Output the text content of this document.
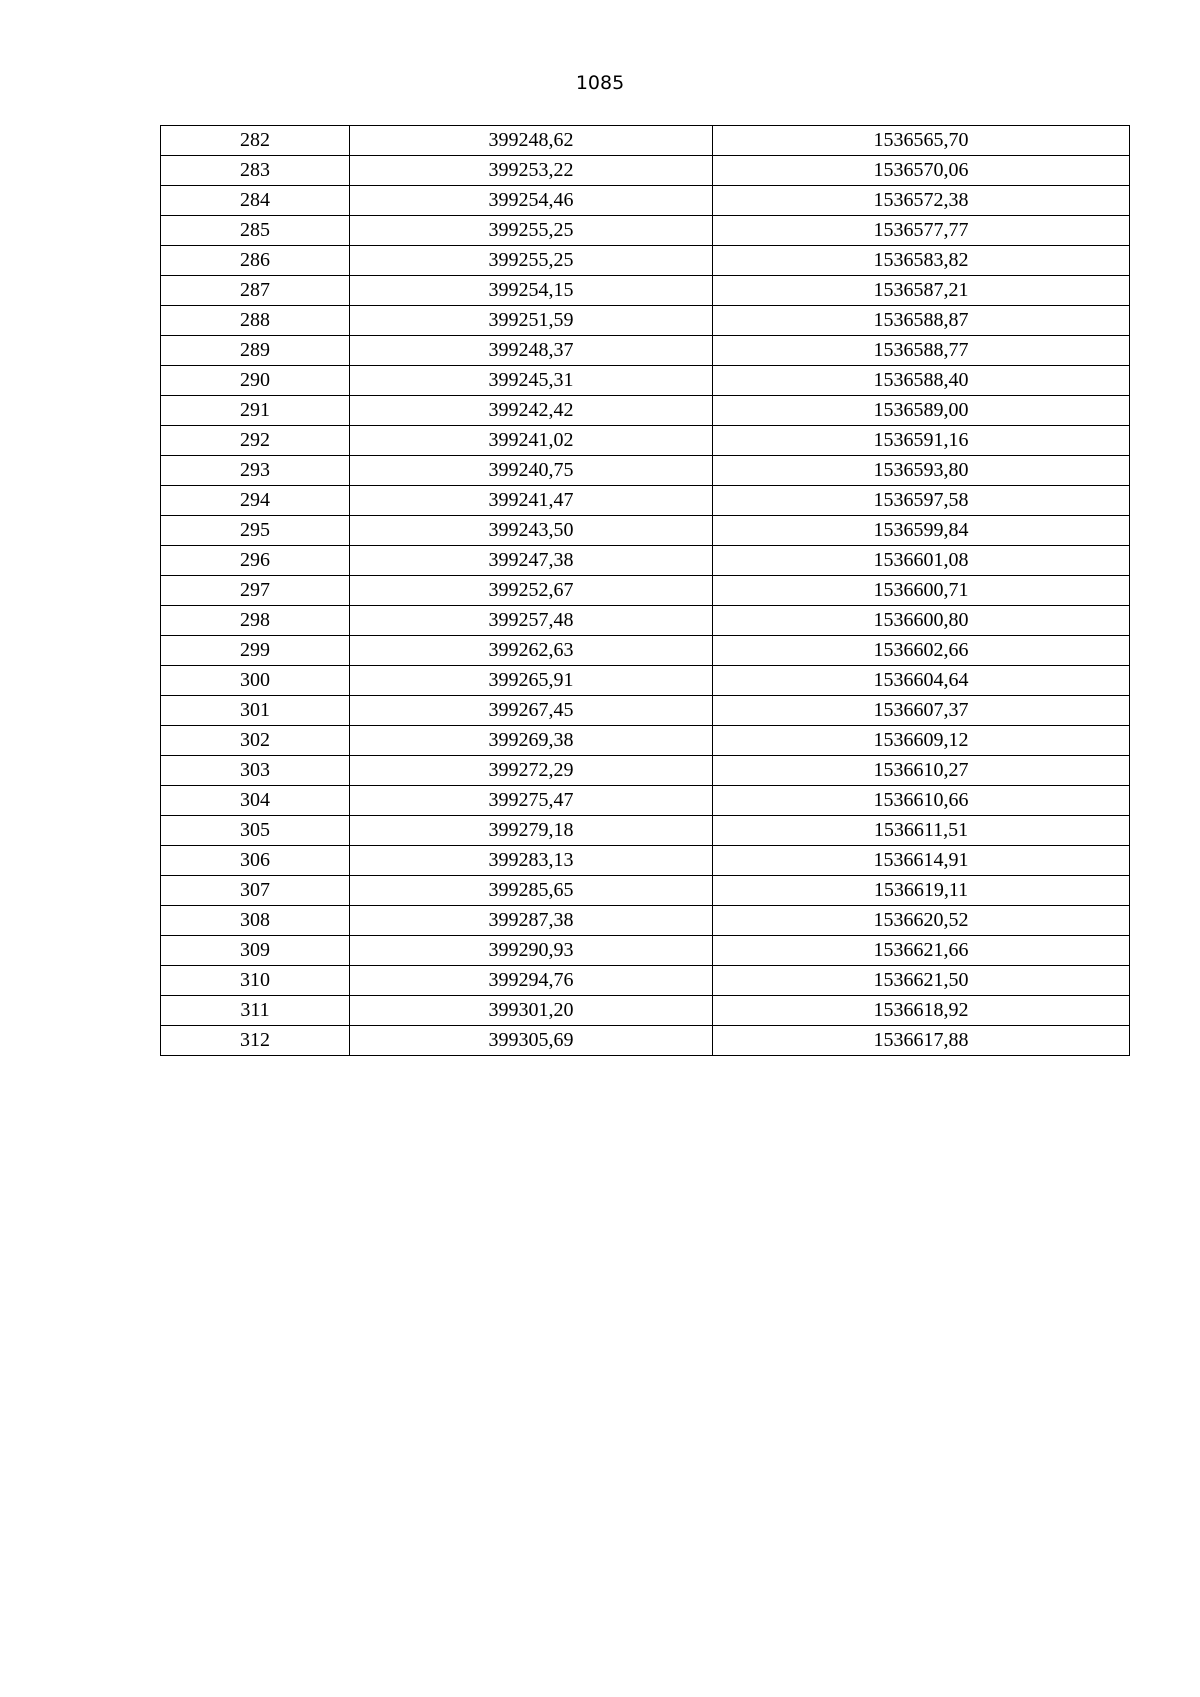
1085
282	399248,62	1536565,70
283	399253,22	1536570,06
284	399254,46	1536572,38
285	399255,25	1536577,77
286	399255,25	1536583,82
287	399254,15	1536587,21
288	399251,59	1536588,87
289	399248,37	1536588,77
290	399245,31	1536588,40
291	399242,42	1536589,00
292	399241,02	1536591,16
293	399240,75	1536593,80
294	399241,47	1536597,58
295	399243,50	1536599,84
296	399247,38	1536601,08
297	399252,67	1536600,71
298	399257,48	1536600,80
299	399262,63	1536602,66
300	399265,91	1536604,64
301	399267,45	1536607,37
302	399269,38	1536609,12
303	399272,29	1536610,27
304	399275,47	1536610,66
305	399279,18	1536611,51
306	399283,13	1536614,91
307	399285,65	1536619,11
308	399287,38	1536620,52
309	399290,93	1536621,66
310	399294,76	1536621,50
311	399301,20	1536618,92
312	399305,69	1536617,88
